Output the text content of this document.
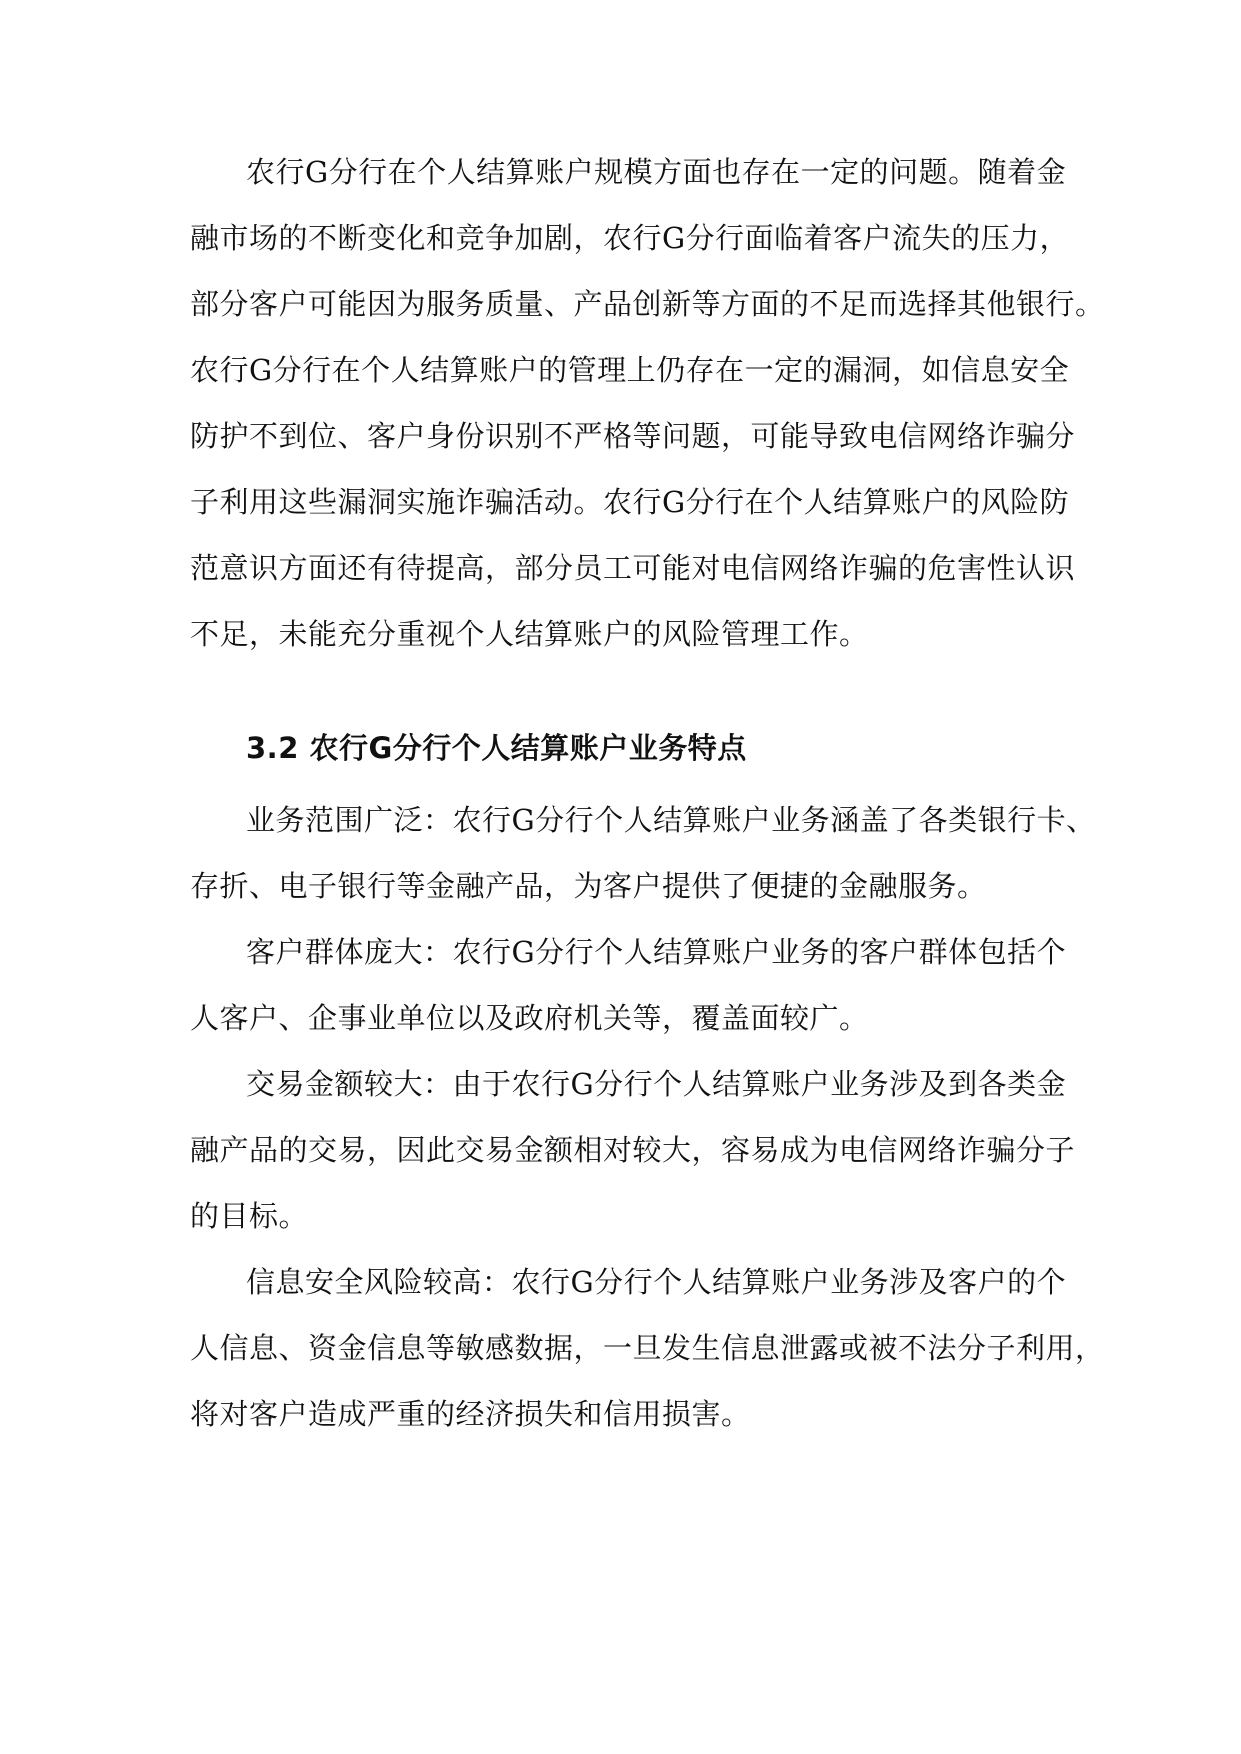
农行G分行在个人结算账户规模方面也存在一定的问题。随着金
融市场的不断变化和竞争加剧，农行G分行面临着客户流失的压力，
部分客户可能因为服务质量、产品创新等方面的不足而选择其他银行。
农行G分行在个人结算账户的管理上仍存在一定的漏洞，如信息安全
防护不到位、客户身份识别不严格等问题，可能导致电信网络诈骗分
子利用这些漏洞实施诈骗活动。农行G分行在个人结算账户的风险防
范意识方面还有待提高，部分员工可能对电信网络诈骗的危害性认识
不足，未能充分重视个人结算账户的风险管理工作。
3.2 农行G分行个人结算账户业务特点
业务范围广泛：农行G分行个人结算账户业务涵盖了各类银行卡、
存折、电子银行等金融产品，为客户提供了便捷的金融服务。
客户群体庞大：农行G分行个人结算账户业务的客户群体包括个
人客户、企事业单位以及政府机关等，覆盖面较广。
交易金额较大：由于农行G分行个人结算账户业务涉及到各类金
融产品的交易，因此交易金额相对较大，容易成为电信网络诈骗分子
的目标。
信息安全风险较高：农行G分行个人结算账户业务涉及客户的个
人信息、资金信息等敏感数据，一旦发生信息泄露或被不法分子利用，
将对客户造成严重的经济损失和信用损害。
